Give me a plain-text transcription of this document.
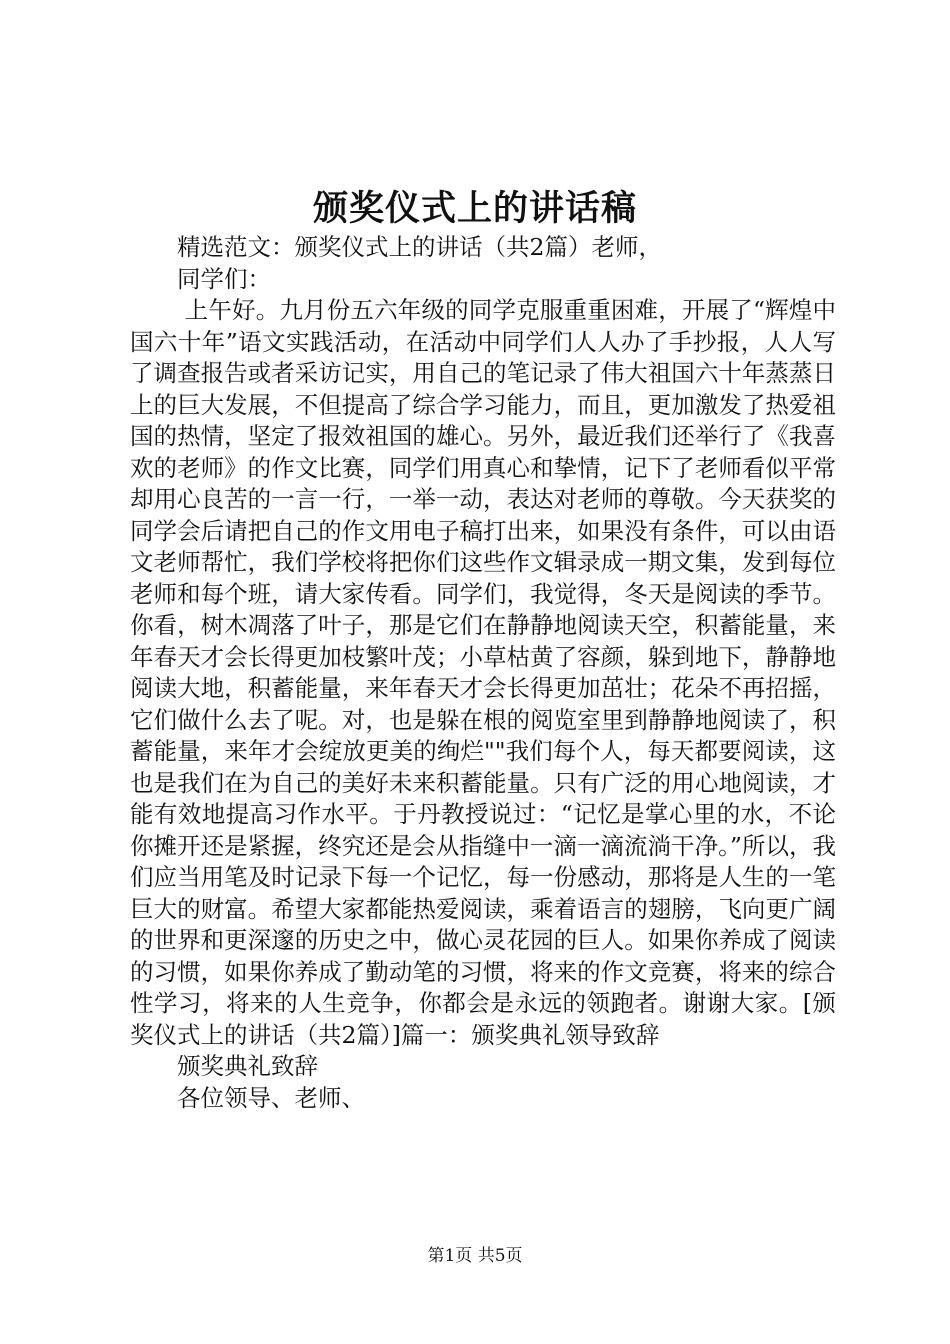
颁奖仪式上的讲话稿

精选范文：颁奖仪式上的讲话（共2篇）老师，

同学们：

上午好。九月份五六年级的同学克服重重困难，开展了“辉煌中国六十年”语文实践活动，在活动中同学们人人办了手抄报，人人写了调查报告或者采访记实，用自己的笔记录了伟大祖国六十年蒸蒸日上的巨大发展，不但提高了综合学习能力，而且，更加激发了热爱祖国的热情，坚定了报效祖国的雄心。另外，最近我们还举行了《我喜欢的老师》的作文比赛，同学们用真心和挚情，记下了老师看似平常却用心良苦的一言一行，一举一动，表达对老师的尊敬。今天获奖的同学会后请把自己的作文用电子稿打出来，如果没有条件，可以由语文老师帮忙，我们学校将把你们这些作文辑录成一期文集，发到每位老师和每个班，请大家传看。同学们，我觉得，冬天是阅读的季节。你看，树木凋落了叶子，那是它们在静静地阅读天空，积蓄能量，来年春天才会长得更加枝繁叶茂；小草枯黄了容颜，躲到地下，静静地阅读大地，积蓄能量，来年春天才会长得更加茁壮；花朵不再招摇，它们做什么去了呢。对，也是躲在根的阅览室里到静静地阅读了，积蓄能量，来年才会绽放更美的绚烂""我们每个人，每天都要阅读，这也是我们在为自己的美好未来积蓄能量。只有广泛的用心地阅读，才能有效地提高习作水平。于丹教授说过：“记忆是掌心里的水，不论你摊开还是紧握，终究还是会从指缝中一滴一滴流淌干净。”所以，我们应当用笔及时记录下每一个记忆，每一份感动，那将是人生的一笔巨大的财富。希望大家都能热爱阅读，乘着语言的翅膀，飞向更广阔的世界和更深邃的历史之中，做心灵花园的巨人。如果你养成了阅读的习惯，如果你养成了勤动笔的习惯，将来的作文竞赛，将来的综合性学习，将来的人生竞争，你都会是永远的领跑者。谢谢大家。[颁奖仪式上的讲话（共2篇）]篇一：颁奖典礼领导致辞

颁奖典礼致辞

各位领导、老师、

第1页 共5页
